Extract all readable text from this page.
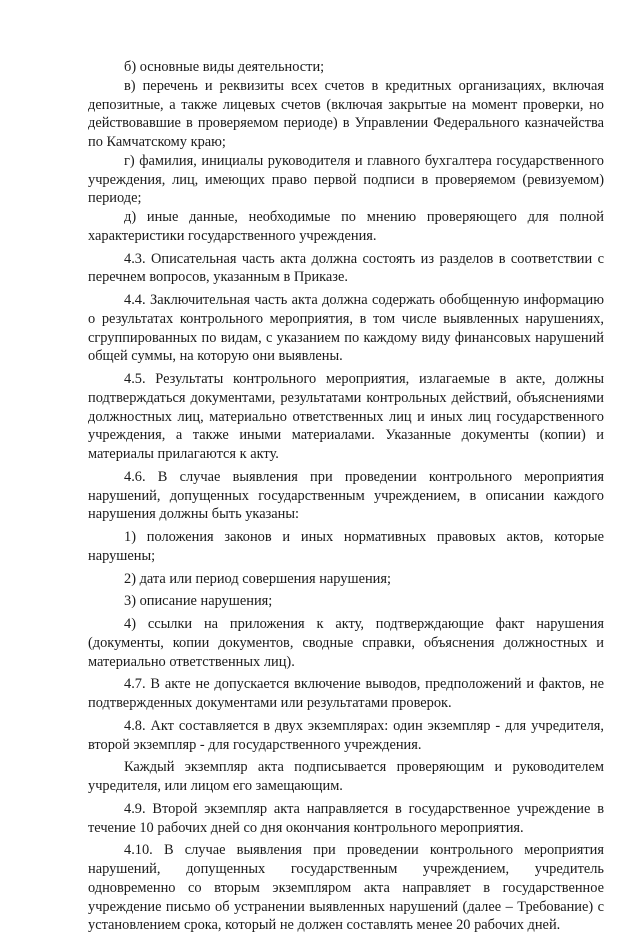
б) основные виды деятельности;

в) перечень и реквизиты всех счетов в кредитных организациях, включая депозитные, а также лицевых счетов (включая закрытые на момент проверки, но действовавшие в проверяемом периоде) в Управлении Федерального казначейства по Камчатскому краю;

г) фамилия, инициалы руководителя и главного бухгалтера государственного учреждения, лиц, имеющих право первой подписи в проверяемом (ревизуемом) периоде;

д) иные данные, необходимые по мнению проверяющего для полной характеристики государственного учреждения.

4.3. Описательная часть акта должна состоять из разделов в соответствии с перечнем вопросов, указанным в Приказе.

4.4. Заключительная часть акта должна содержать обобщенную информацию о результатах контрольного мероприятия, в том числе выявленных нарушениях, сгруппированных по видам, с указанием по каждому виду финансовых нарушений общей суммы, на которую они выявлены.

4.5. Результаты контрольного мероприятия, излагаемые в акте, должны подтверждаться документами, результатами контрольных действий, объяснениями должностных лиц, материально ответственных лиц и иных лиц государственного учреждения, а также иными материалами. Указанные документы (копии) и материалы прилагаются к акту.

4.6. В случае выявления при проведении контрольного мероприятия нарушений, допущенных государственным учреждением, в описании каждого нарушения должны быть указаны:

1) положения законов и иных нормативных правовых актов, которые нарушены;

2) дата или период совершения нарушения;

3) описание нарушения;

4) ссылки на приложения к акту, подтверждающие факт нарушения (документы, копии документов, сводные справки, объяснения должностных и материально ответственных лиц).

4.7. В акте не допускается включение выводов, предположений и фактов, не подтвержденных документами или результатами проверок.

4.8. Акт составляется в двух экземплярах: один экземпляр - для учредителя, второй экземпляр - для государственного учреждения.

Каждый экземпляр акта подписывается проверяющим и руководителем учредителя, или лицом его замещающим.

4.9. Второй экземпляр акта направляется в государственное учреждение в течение 10 рабочих дней со дня окончания контрольного мероприятия.

4.10. В случае выявления при проведении контрольного мероприятия нарушений, допущенных государственным учреждением, учредитель одновременно со вторым экземпляром акта направляет в государственное учреждение письмо об устранении выявленных нарушений (далее – Требование) с установлением срока, который не должен составлять менее 20 рабочих дней.
